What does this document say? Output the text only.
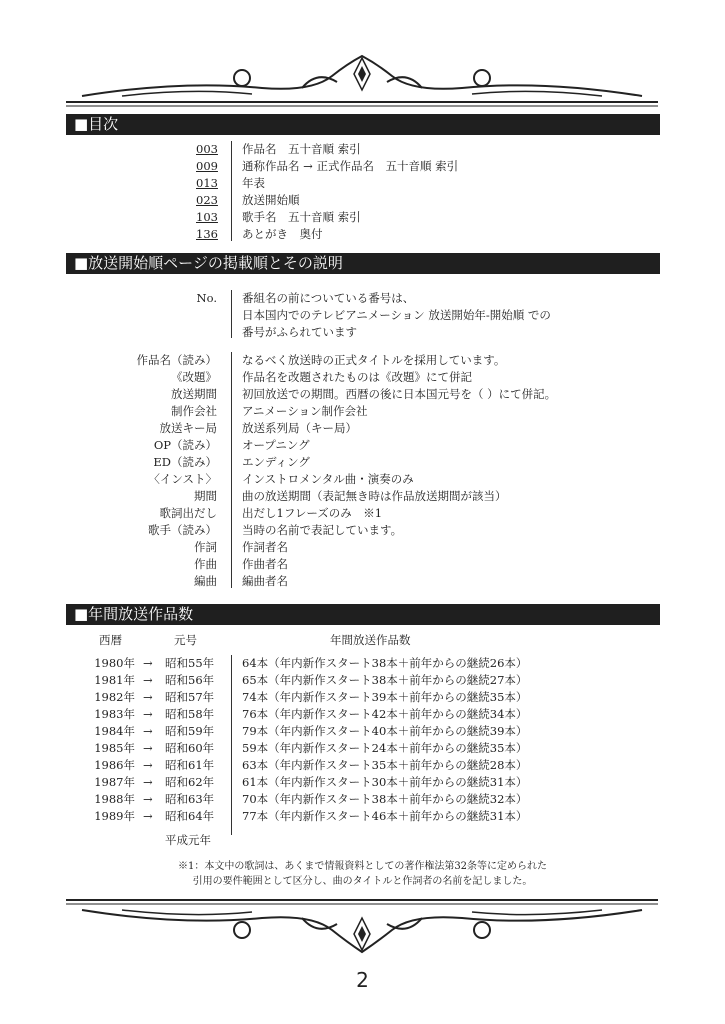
■目次
003 作品名　五十音順 索引
009 通称作品名 → 正式作品名　五十音順 索引
013 年表
023 放送開始順
103 歌手名　五十音順 索引
136 あとがき　奥付
■放送開始順ページの掲載順とその説明
No. 番組名の前についている番号は、
日本国内でのテレビアニメーション 放送開始年-開始順 での
番号がふられています
作品名（読み） なるべく放送時の正式タイトルを採用しています。
《改題》 作品名を改題されたものは《改題》にて併記
放送期間 初回放送での期間。西暦の後に日本国元号を（ ）にて併記。
制作会社 アニメーション制作会社
放送キー局 放送系列局（キー局）
OP（読み） オープニング
ED（読み） エンディング
〈インスト〉 インストロメンタル曲・演奏のみ
期間 曲の放送期間（表記無き時は作品放送期間が該当）
歌詞出だし 出だし1フレーズのみ　※1
歌手（読み） 当時の名前で表記しています。
作詞 作詞者名
作曲 作曲者名
編曲 編曲者名
■年間放送作品数
西暦	元号	年間放送作品数
1980年 → 昭和55年 64本（年内新作スタート38本＋前年からの継続26本）
1981年 → 昭和56年 65本（年内新作スタート38本＋前年からの継続27本）
1982年 → 昭和57年 74本（年内新作スタート39本＋前年からの継続35本）
1983年 → 昭和58年 76本（年内新作スタート42本＋前年からの継続34本）
1984年 → 昭和59年 79本（年内新作スタート40本＋前年からの継続39本）
1985年 → 昭和60年 59本（年内新作スタート24本＋前年からの継続35本）
1986年 → 昭和61年 63本（年内新作スタート35本＋前年からの継続28本）
1987年 → 昭和62年 61本（年内新作スタート30本＋前年からの継続31本）
1988年 → 昭和63年 70本（年内新作スタート38本＋前年からの継続32本）
1989年 → 昭和64年 77本（年内新作スタート46本＋前年からの継続31本）
平成元年
※1：本文中の歌詞は、あくまで情報資料としての著作権法第32条等に定められた
引用の要件範囲として区分し、曲のタイトルと作詞者の名前を記しました。
2
